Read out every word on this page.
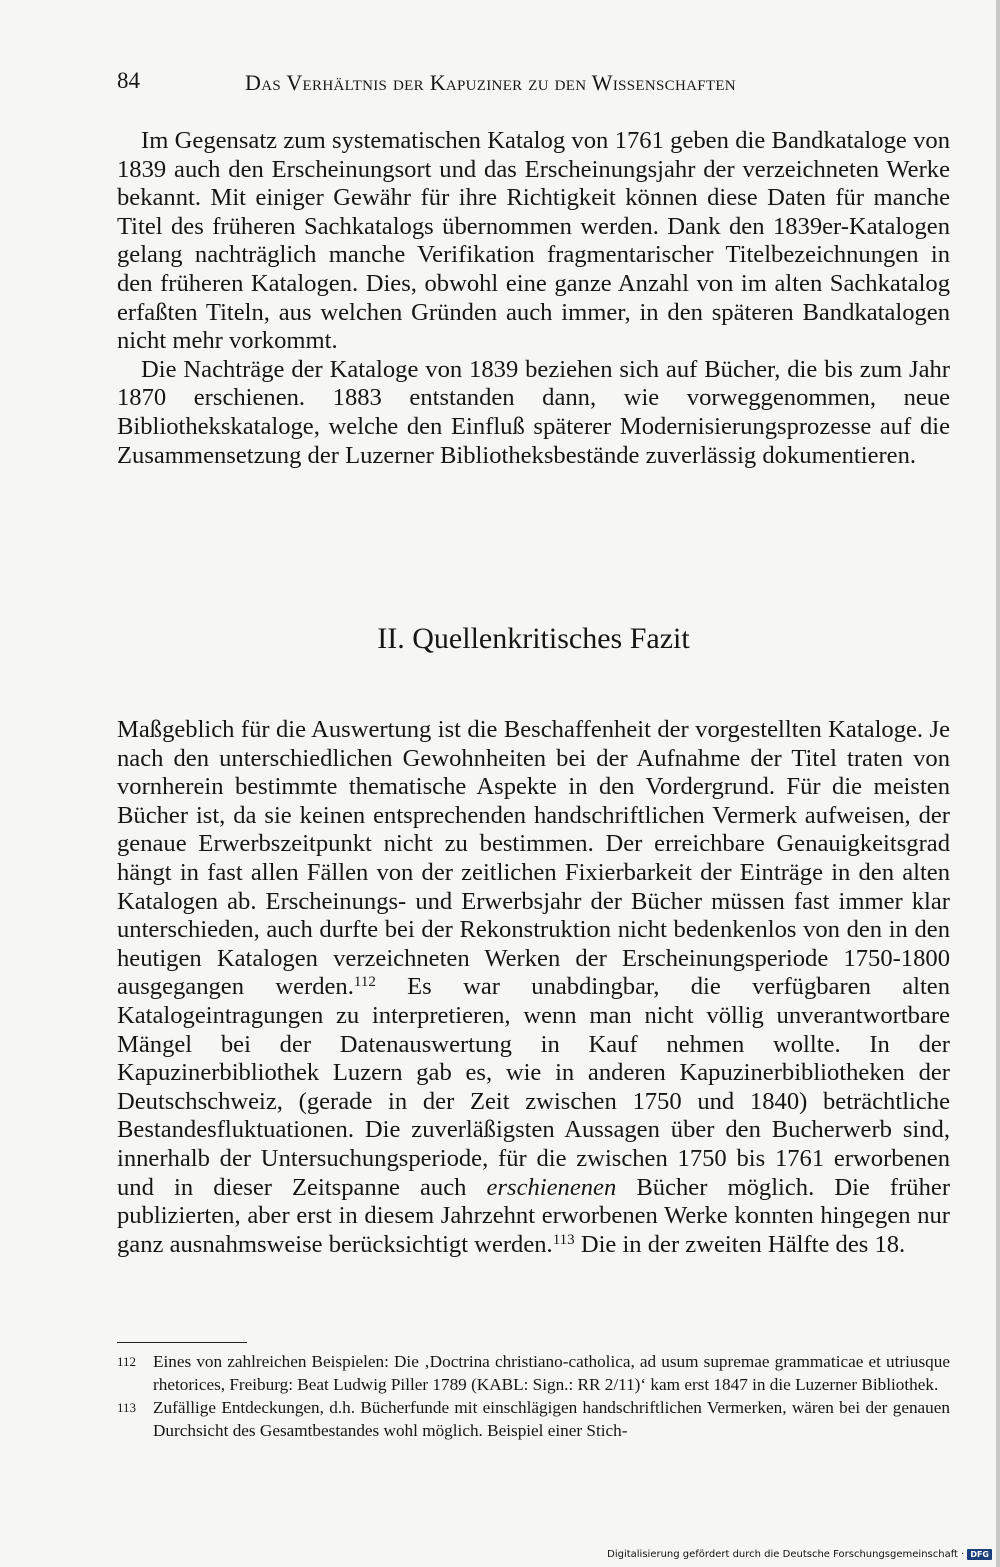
84	Das Verhältnis der Kapuziner zu den Wissenschaften

Im Gegensatz zum systematischen Katalog von 1761 geben die Bandkataloge von 1839 auch den Erscheinungsort und das Erscheinungsjahr der verzeichneten Werke bekannt. Mit einiger Gewähr für ihre Richtigkeit können diese Daten für manche Titel des früheren Sachkatalogs übernommen werden. Dank den 1839er-Katalogen gelang nachträglich manche Verifikation fragmentarischer Titelbezeichnungen in den früheren Katalogen. Dies, obwohl eine ganze Anzahl von im alten Sachkatalog erfaßten Titeln, aus welchen Gründen auch immer, in den späteren Bandkatalogen nicht mehr vorkommt.

Die Nachträge der Kataloge von 1839 beziehen sich auf Bücher, die bis zum Jahr 1870 erschienen. 1883 entstanden dann, wie vorweggenommen, neue Bibliothekskataloge, welche den Einfluß späterer Modernisierungsprozesse auf die Zusammensetzung der Luzerner Bibliotheksbestände zuverlässig dokumentieren.

II. Quellenkritisches Fazit

Maßgeblich für die Auswertung ist die Beschaffenheit der vorgestellten Kataloge. Je nach den unterschiedlichen Gewohnheiten bei der Aufnahme der Titel traten von vornherein bestimmte thematische Aspekte in den Vordergrund. Für die meisten Bücher ist, da sie keinen entsprechenden handschriftlichen Vermerk aufweisen, der genaue Erwerbszeitpunkt nicht zu bestimmen. Der erreichbare Genauigkeitsgrad hängt in fast allen Fällen von der zeitlichen Fixierbarkeit der Einträge in den alten Katalogen ab. Erscheinungs- und Erwerbsjahr der Bücher müssen fast immer klar unterschieden, auch durfte bei der Rekonstruktion nicht bedenkenlos von den in den heutigen Katalogen verzeichneten Werken der Erscheinungsperiode 1750-1800 ausgegangen werden.$^{112}$ Es war unabdingbar, die verfügbaren alten Katalogeintragungen zu interpretieren, wenn man nicht völlig unverantwortbare Mängel bei der Datenauswertung in Kauf nehmen wollte. In der Kapuzinerbibliothek Luzern gab es, wie in anderen Kapuzinerbibliotheken der Deutschschweiz, (gerade in der Zeit zwischen 1750 und 1840) beträchtliche Bestandesfluktuationen. Die zuverläßigsten Aussagen über den Bucherwerb sind, innerhalb der Untersuchungsperiode, für die zwischen 1750 bis 1761 erworbenen und in dieser Zeitspanne auch erschienenen Bücher möglich. Die früher publizierten, aber erst in diesem Jahrzehnt erworbenen Werke konnten hingegen nur ganz ausnahmsweise berücksichtigt werden.$^{113}$ Die in der zweiten Hälfte des 18.

112 Eines von zahlreichen Beispielen: Die ‚Doctrina christiano-catholica, ad usum supremae grammaticae et utriusque rhetorices, Freiburg: Beat Ludwig Piller 1789 (KABL: Sign.: RR 2/11)‘ kam erst 1847 in die Luzerner Bibliothek.
113 Zufällige Entdeckungen, d.h. Bücherfunde mit einschlägigen handschriftlichen Vermerken, wären bei der genauen Durchsicht des Gesamtbestandes wohl möglich. Beispiel einer Stich-
Digitalisierung gefördert durch die Deutsche Forschungsgemeinschaft · DFG
